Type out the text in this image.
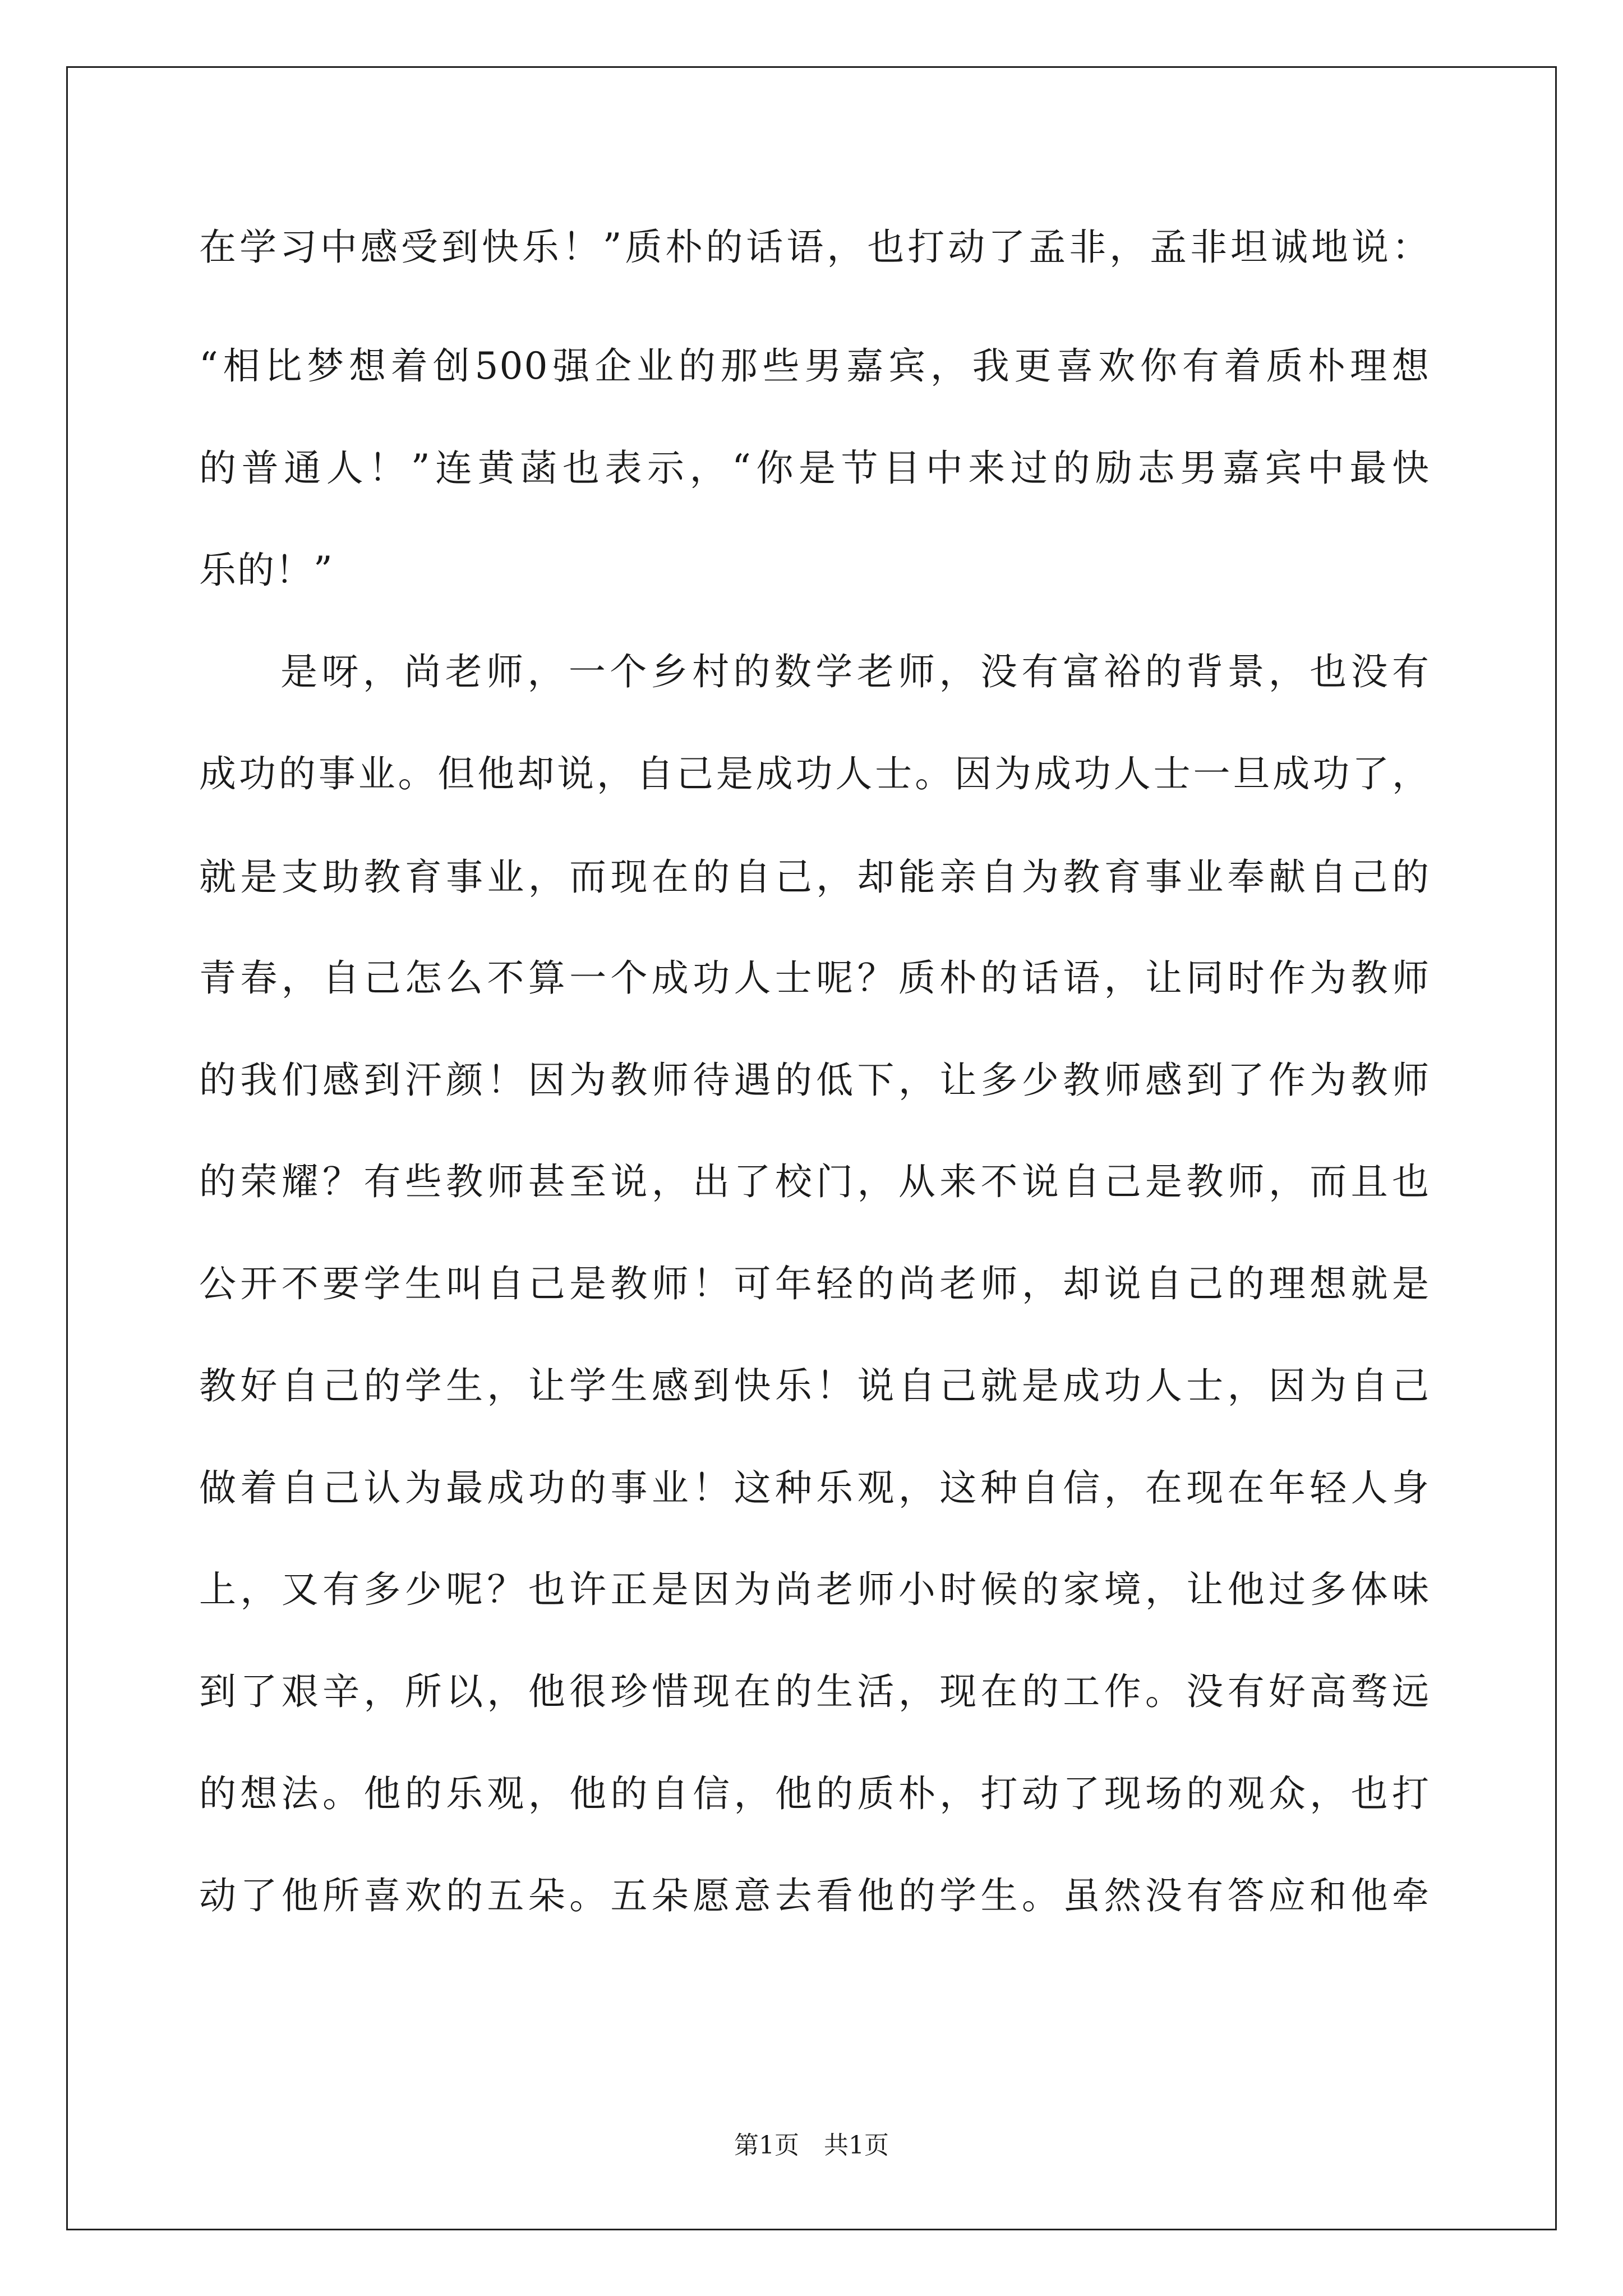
在学习中感受到快乐！”质朴的话语，也打动了孟非，孟非坦诚地说：
“相比梦想着创500强企业的那些男嘉宾，我更喜欢你有着质朴理想
的普通人！”连黄菡也表示，“你是节目中来过的励志男嘉宾中最快
乐的！”
是呀，尚老师，一个乡村的数学老师，没有富裕的背景，也没有
成功的事业。但他却说，自己是成功人士。因为成功人士一旦成功了，
就是支助教育事业，而现在的自己，却能亲自为教育事业奉献自己的
青春，自己怎么不算一个成功人士呢？质朴的话语，让同时作为教师
的我们感到汗颜！因为教师待遇的低下，让多少教师感到了作为教师
的荣耀？有些教师甚至说，出了校门，从来不说自己是教师，而且也
公开不要学生叫自己是教师！可年轻的尚老师，却说自己的理想就是
教好自己的学生，让学生感到快乐！说自己就是成功人士，因为自己
做着自己认为最成功的事业！这种乐观，这种自信，在现在年轻人身
上，又有多少呢？也许正是因为尚老师小时候的家境，让他过多体味
到了艰辛，所以，他很珍惜现在的生活，现在的工作。没有好高骛远
的想法。他的乐观，他的自信，他的质朴，打动了现场的观众，也打
动了他所喜欢的五朵。五朵愿意去看他的学生。虽然没有答应和他牵
第1页　共1页
